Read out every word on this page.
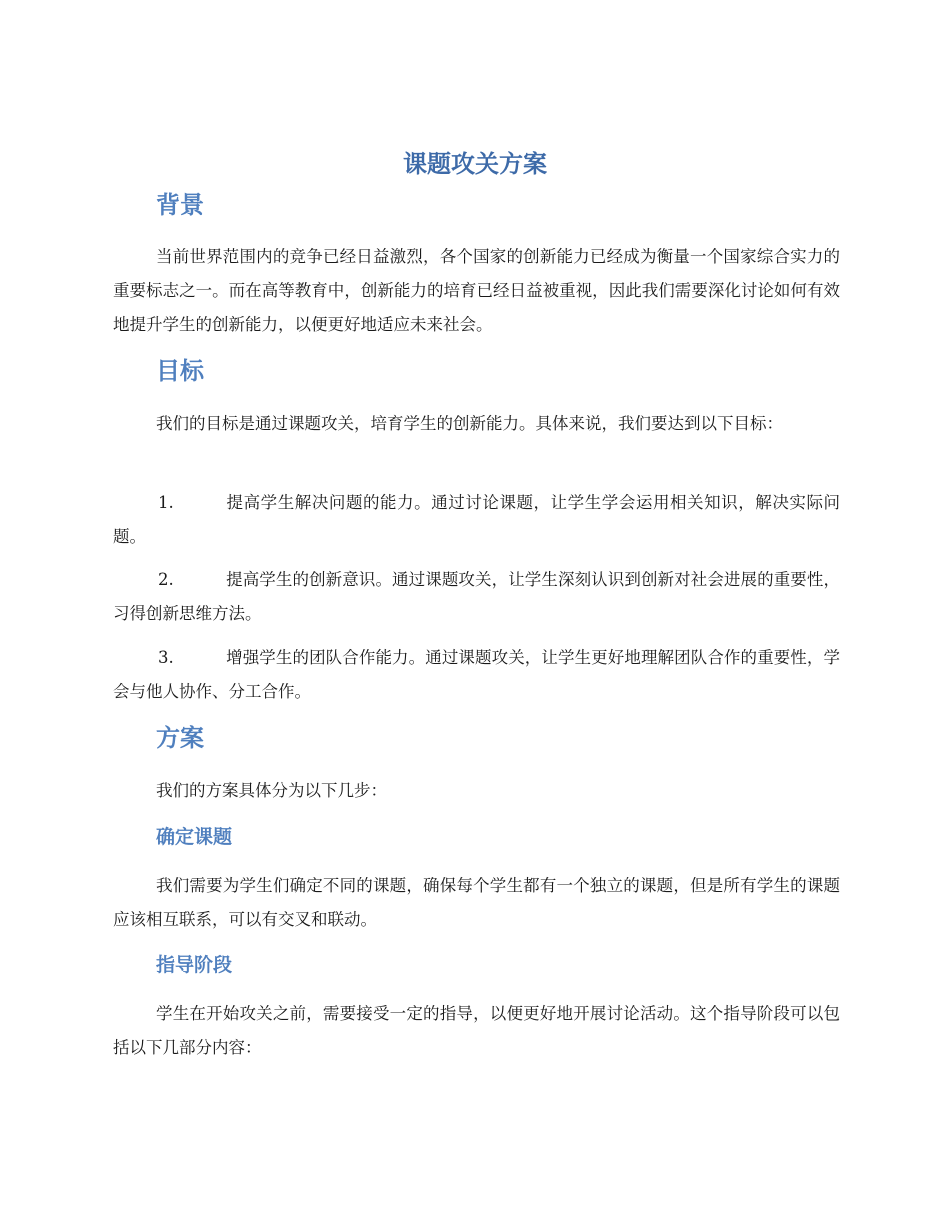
课题攻关方案
背景

当前世界范围内的竞争已经日益激烈，各个国家的创新能力已经成为衡量一个国家综合实力的重要标志之一。而在高等教育中，创新能力的培育已经日益被重视，因此我们需要深化讨论如何有效地提升学生的创新能力，以便更好地适应未来社会。

目标

我们的目标是通过课题攻关，培育学生的创新能力。具体来说，我们要达到以下目标：

1.	提高学生解决问题的能力。通过讨论课题，让学生学会运用相关知识，解决实际问题。

2.	提高学生的创新意识。通过课题攻关，让学生深刻认识到创新对社会进展的重要性，习得创新思维方法。

3.	增强学生的团队合作能力。通过课题攻关，让学生更好地理解团队合作的重要性，学会与他人协作、分工合作。

方案

我们的方案具体分为以下几步：

确定课题

我们需要为学生们确定不同的课题，确保每个学生都有一个独立的课题，但是所有学生的课题应该相互联系，可以有交叉和联动。

指导阶段

学生在开始攻关之前，需要接受一定的指导，以便更好地开展讨论活动。这个指导阶段可以包括以下几部分内容：
